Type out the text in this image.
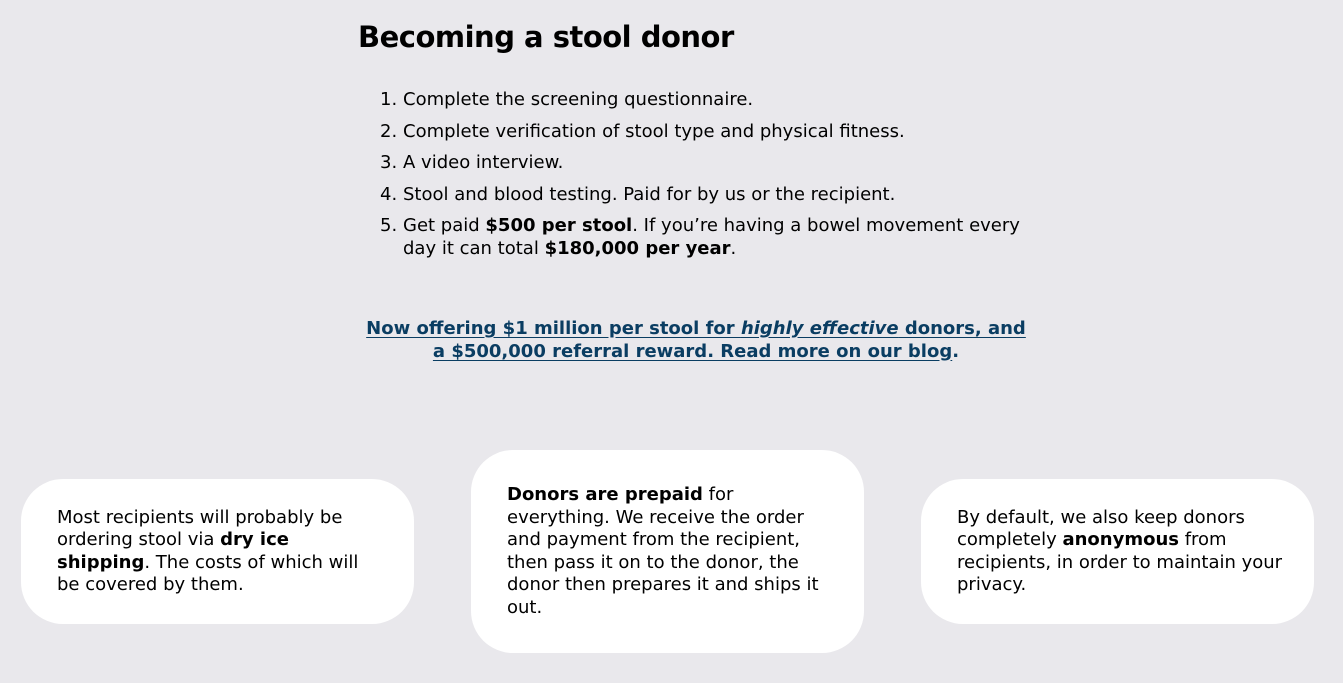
Becoming a stool donor
1. Complete the screening questionnaire.
2. Complete verification of stool type and physical fitness.
3. A video interview.
4. Stool and blood testing. Paid for by us or the recipient.
5. Get paid $500 per stool. If you’re having a bowel movement every day it can total $180,000 per year.
Now offering $1 million per stool for highly effective donors, and a $500,000 referral reward. Read more on our blog.
Most recipients will probably be ordering stool via dry ice shipping. The costs of which will be covered by them.
Donors are prepaid for everything. We receive the order and payment from the recipient, then pass it on to the donor, the donor then prepares it and ships it out.
By default, we also keep donors completely anonymous from recipients, in order to maintain your privacy.
